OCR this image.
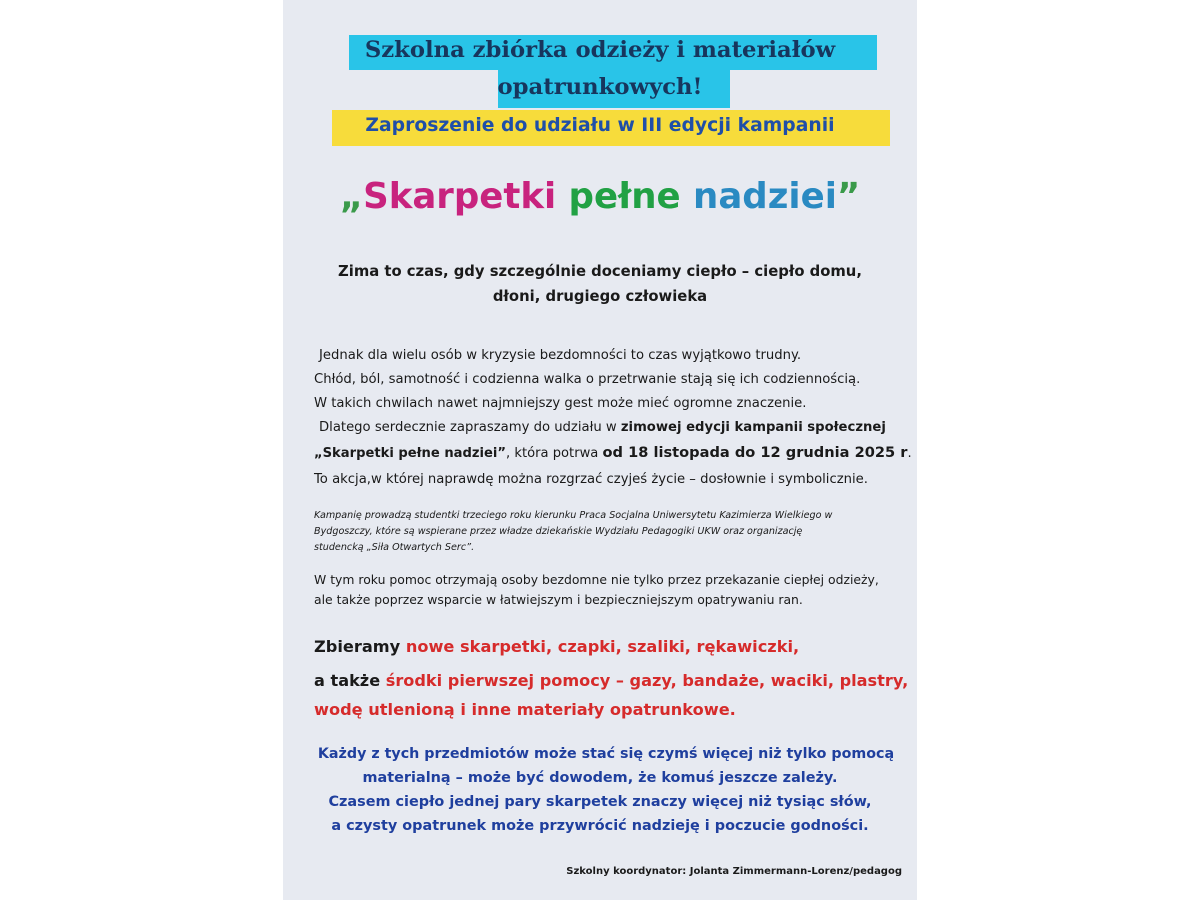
Szkolna zbiórka odzieży i materiałów
opatrunkowych!
Zaproszenie do udziału w III edycji kampanii
„Skarpetki pełne nadziei”
Zima to czas, gdy szczególnie doceniamy ciepło – ciepło domu,
dłoni, drugiego człowieka
Jednak dla wielu osób w kryzysie bezdomności to czas wyjątkowo trudny.
Chłód, ból, samotność i codzienna walka o przetrwanie stają się ich codziennością.
W takich chwilach nawet najmniejszy gest może mieć ogromne znaczenie.
Dlatego serdecznie zapraszamy do udziału w zimowej edycji kampanii społecznej
„Skarpetki pełne nadziei”, która potrwa od 18 listopada do 12 grudnia 2025 r.
To akcja,w której naprawdę można rozgrzać czyjeś życie – dosłownie i symbolicznie.
Kampanię prowadzą studentki trzeciego roku kierunku Praca Socjalna Uniwersytetu Kazimierza Wielkiego w
Bydgoszczy, które są wspierane przez władze dziekańskie Wydziału Pedagogiki UKW oraz organizację
studencką „Siła Otwartych Serc”.
W tym roku pomoc otrzymają osoby bezdomne nie tylko przez przekazanie ciepłej odzieży,
ale także poprzez wsparcie w łatwiejszym i bezpieczniejszym opatrywaniu ran.
Zbieramy nowe skarpetki, czapki, szaliki, rękawiczki,
a także środki pierwszej pomocy – gazy, bandaże, waciki, plastry,
wodę utlenioną i inne materiały opatrunkowe.
Każdy z tych przedmiotów może stać się czymś więcej niż tylko pomocą
materialną – może być dowodem, że komuś jeszcze zależy.
Czasem ciepło jednej pary skarpetek znaczy więcej niż tysiąc słów,
a czysty opatrunek może przywrócić nadzieję i poczucie godności.
Szkolny koordynator: Jolanta Zimmermann-Lorenz/pedagog
